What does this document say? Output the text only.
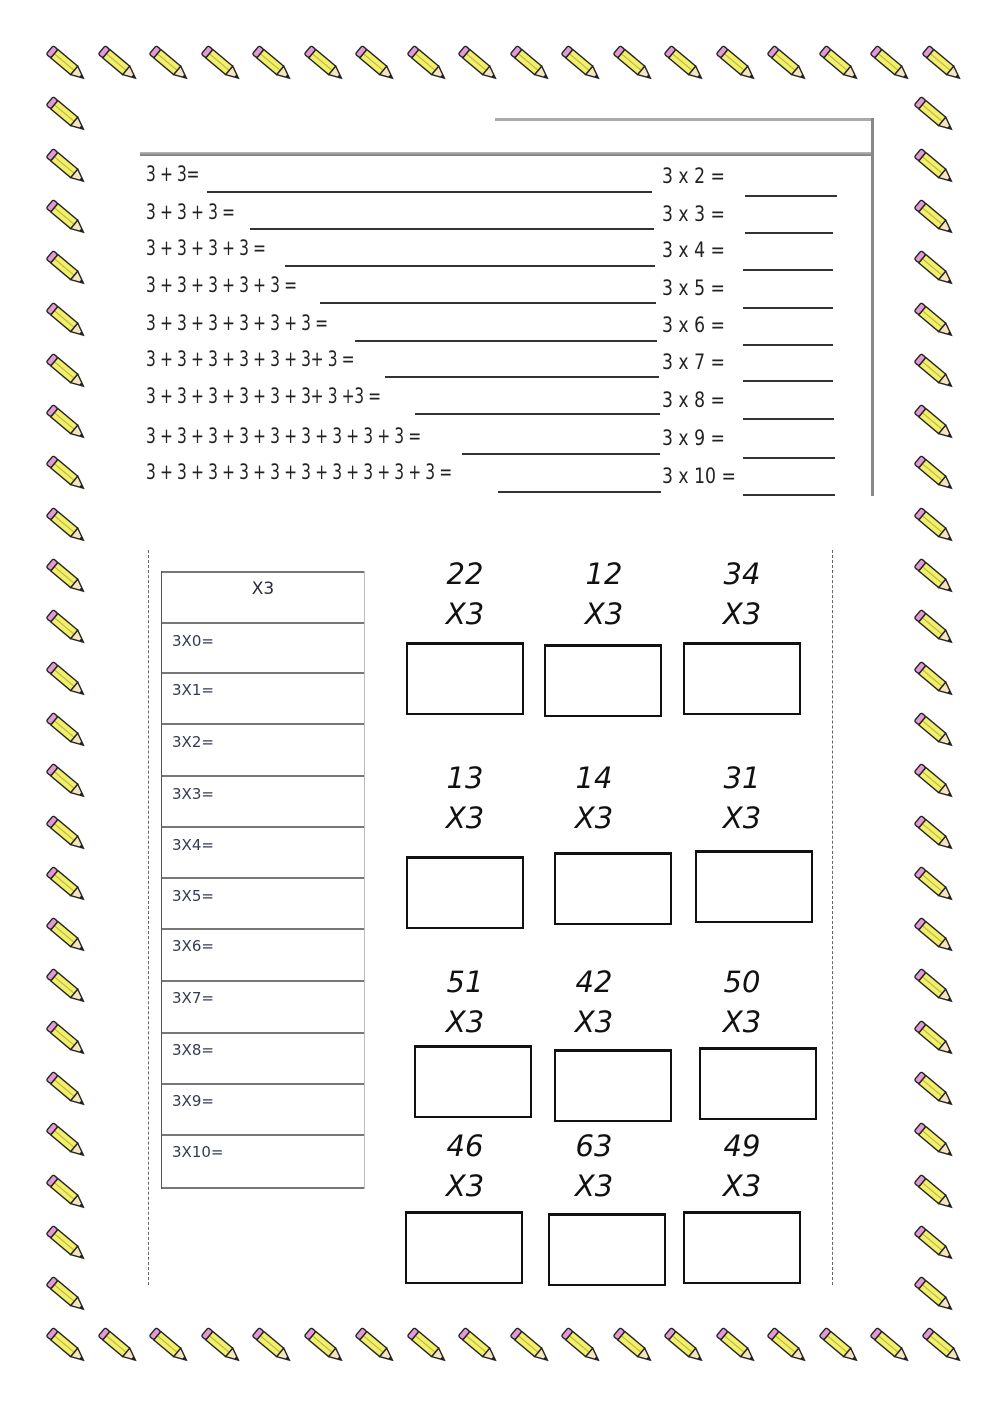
3 + 3=
3 + 3 + 3 =
3 + 3 + 3 + 3 =
3 + 3 + 3 + 3 + 3 =
3 + 3 + 3 + 3 + 3 + 3 =
3 + 3 + 3 + 3 + 3 + 3+ 3 =
3 + 3 + 3 + 3 + 3 + 3+ 3 +3 =
3 + 3 + 3 + 3 + 3 + 3 + 3 + 3 + 3 =
3 + 3 + 3 + 3 + 3 + 3 + 3 + 3 + 3 + 3 =
3 x 2 =
3 x 3 =
3 x 4 =
3 x 5 =
3 x 6 =
3 x 7 =
3 x 8 =
3 x 9 =
3 x 10 =
X3
3X0=
3X1=
3X2=
3X3=
3X4=
3X5=
3X6=
3X7=
3X8=
3X9=
3X10=
22
X3
12
X3
34
X3
13
X3
14
X3
31
X3
51
X3
42
X3
50
X3
46
X3
63
X3
49
X3
